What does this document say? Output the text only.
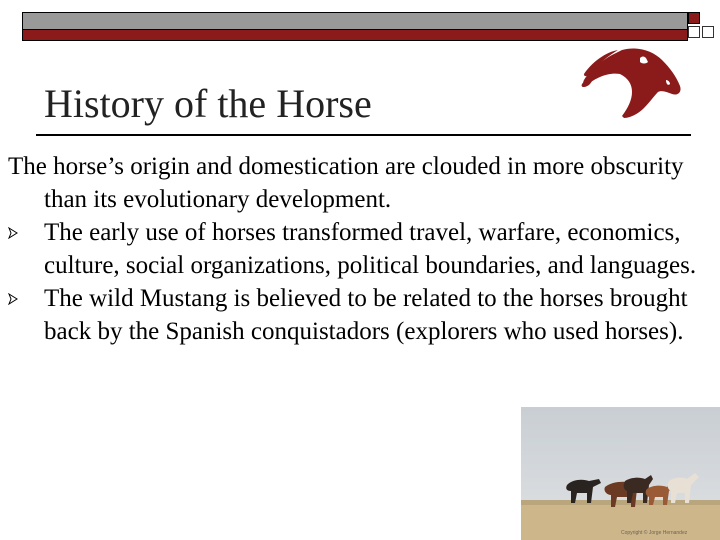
History of the Horse

The horse’s origin and domestication are clouded in more obscurity than its evolutionary development.

The early use of horses transformed travel, warfare, economics, culture, social organizations, political boundaries, and languages.
The wild Mustang is believed to be related to the horses brought back by the Spanish conquistadors (explorers who used horses).
Copyright © Jorge Hernandez
